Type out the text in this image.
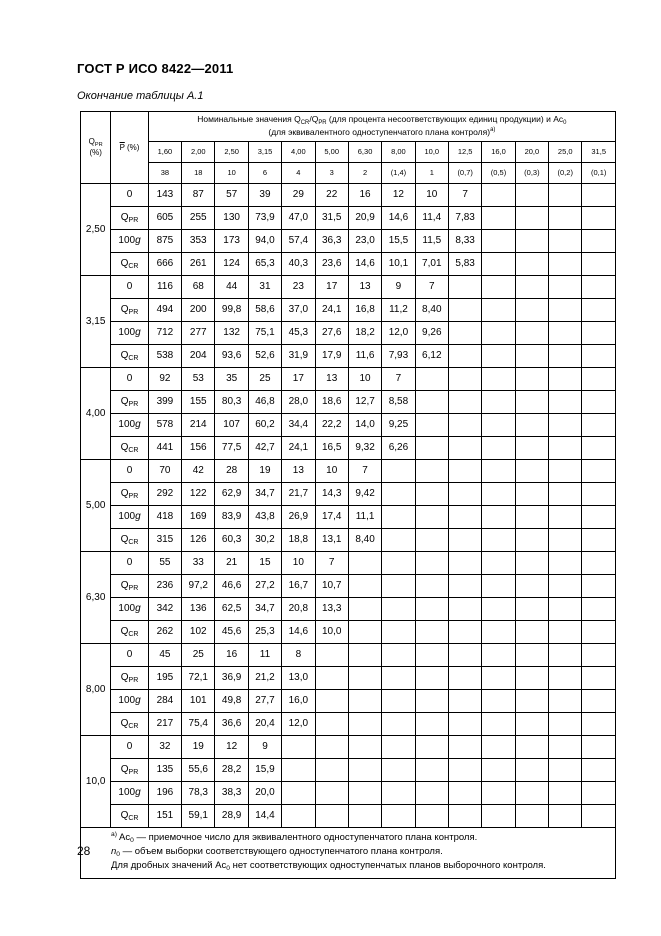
ГОСТ Р ИСО 8422—2011
Окончание таблицы А.1
$Q_{PR}$
(%)	$\overline{P}$ (%)	Номинальные значения $Q_{CR}/Q_{PR}$ (для процента несоответствующих единиц продукции) и $Ac_0$
(для эквивалентного одноступенчатого плана контроля)$^{a)}$
		1,60	2,00	2,50	3,15	4,00	5,00	6,30	8,00	10,0	12,5	16,0	20,0	25,0	31,5
		38	18	10	6	4	3	2	(1,4)	1	(0,7)	(0,5)	(0,3)	(0,2)	(0,1)
2,50	0	143	87	57	39	29	22	16	12	10	7				
	$Q_{PR}$	605	255	130	73,9	47,0	31,5	20,9	14,6	11,4	7,83				
	100g	875	353	173	94,0	57,4	36,3	23,0	15,5	11,5	8,33				
	$Q_{CR}$	666	261	124	65,3	40,3	23,6	14,6	10,1	7,01	5,83				
3,15	0	116	68	44	31	23	17	13	9	7					
	$Q_{PR}$	494	200	99,8	58,6	37,0	24,1	16,8	11,2	8,40					
	100g	712	277	132	75,1	45,3	27,6	18,2	12,0	9,26					
	$Q_{CR}$	538	204	93,6	52,6	31,9	17,9	11,6	7,93	6,12					
4,00	0	92	53	35	25	17	13	10	7						
	$Q_{PR}$	399	155	80,3	46,8	28,0	18,6	12,7	8,58						
	100g	578	214	107	60,2	34,4	22,2	14,0	9,25						
	$Q_{CR}$	441	156	77,5	42,7	24,1	16,5	9,32	6,26						
5,00	0	70	42	28	19	13	10	7							
	$Q_{PR}$	292	122	62,9	34,7	21,7	14,3	9,42							
	100g	418	169	83,9	43,8	26,9	17,4	11,1							
	$Q_{CR}$	315	126	60,3	30,2	18,8	13,1	8,40							
6,30	0	55	33	21	15	10	7								
	$Q_{PR}$	236	97,2	46,6	27,2	16,7	10,7								
	100g	342	136	62,5	34,7	20,8	13,3								
	$Q_{CR}$	262	102	45,6	25,3	14,6	10,0								
8,00	0	45	25	16	11	8									
	$Q_{PR}$	195	72,1	36,9	21,2	13,0									
	100g	284	101	49,8	27,7	16,0									
	$Q_{CR}$	217	75,4	36,6	20,4	12,0									
10,0	0	32	19	12	9										
	$Q_{PR}$	135	55,6	28,2	15,9										
	100g	196	78,3	38,3	20,0										
	$Q_{CR}$	151	59,1	28,9	14,4										

$^{a)}$ $Ac_0$ — приемочное число для эквивалентного одноступенчатого плана контроля.
$n_0$ — объем выборки соответствующего одноступенчатого плана контроля.
Для дробных значений $Ac_0$ нет соответствующих одноступенчатых планов выборочного контроля.															
28
